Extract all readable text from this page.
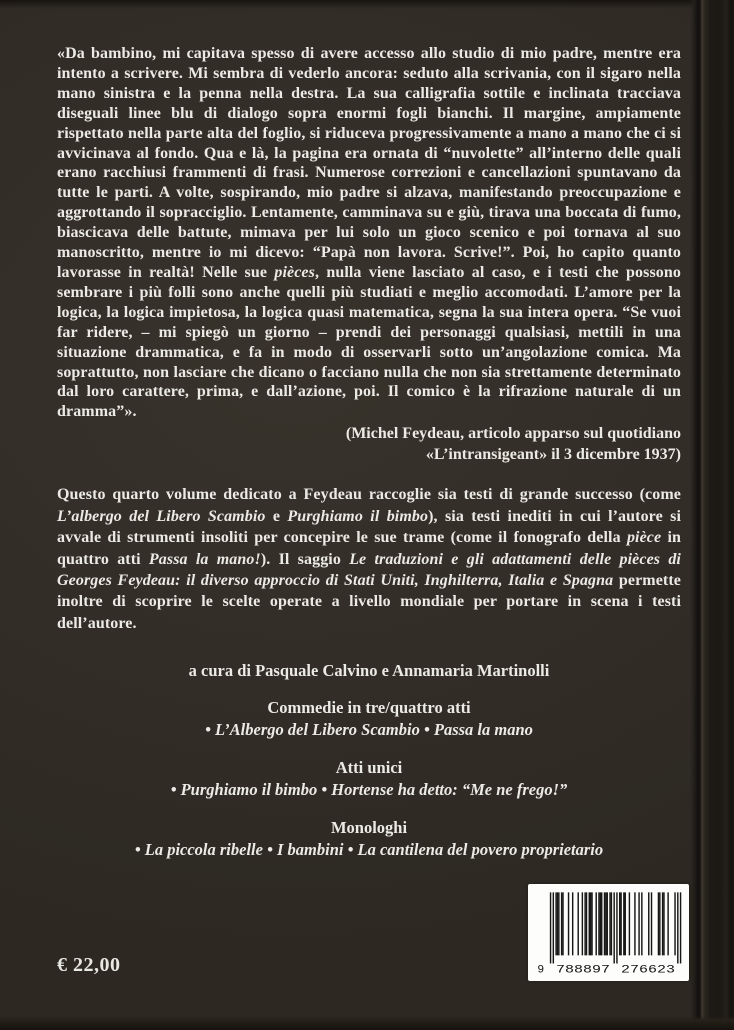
«Da bambino, mi capitava spesso di avere accesso allo studio di mio padre, mentre era intento a scrivere. Mi sembra di vederlo ancora: seduto alla scrivania, con il sigaro nella mano sinistra e la penna nella destra. La sua calligrafia sottile e inclinata tracciava diseguali linee blu di dialogo sopra enormi fogli bianchi. Il margine, ampiamente rispettato nella parte alta del foglio, si riduceva progressivamente a mano a mano che ci si avvicinava al fondo. Qua e là, la pagina era ornata di “nuvolette” all’interno delle quali erano racchiusi frammenti di frasi. Numerose correzioni e cancellazioni spuntavano da tutte le parti. A volte, sospirando, mio padre si alzava, manifestando preoccupazione e aggrottando il sopracciglio. Lentamente, camminava su e giù, tirava una boccata di fumo, biascicava delle battute, mimava per lui solo un gioco scenico e poi tornava al suo manoscritto, mentre io mi dicevo: “Papà non lavora. Scrive!”. Poi, ho capito quanto lavorasse in realtà! Nelle sue pièces, nulla viene lasciato al caso, e i testi che possono sembrare i più folli sono anche quelli più studiati e meglio accomodati. L’amore per la logica, la logica impietosa, la logica quasi matematica, segna la sua intera opera. “Se vuoi far ridere, – mi spiegò un giorno – prendi dei personaggi qualsiasi, mettili in una situazione drammatica, e fa in modo di osservarli sotto un’angolazione comica. Ma soprattutto, non lasciare che dicano o facciano nulla che non sia strettamente determinato dal loro carattere, prima, e dall’azione, poi. Il comico è la rifrazione naturale di un dramma”».

(Michel Feydeau, articolo apparso sul quotidiano

«L’intransigeant» il 3 dicembre 1937)

Questo quarto volume dedicato a Feydeau raccoglie sia testi di grande successo (come L’albergo del Libero Scambio e Purghiamo il bimbo), sia testi inediti in cui l’autore si avvale di strumenti insoliti per concepire le sue trame (come il fonografo della pièce in quattro atti Passa la mano!). Il saggio Le traduzioni e gli adattamenti delle pièces di Georges Feydeau: il diverso approccio di Stati Uniti, Inghilterra, Italia e Spagna permette inoltre di scoprire le scelte operate a livello mondiale per portare in scena i testi dell’autore.

a cura di Pasquale Calvino e Annamaria Martinolli

Commedie in tre/quattro atti

• L’Albergo del Libero Scambio • Passa la mano

Atti unici

• Purghiamo il bimbo • Hortense ha detto: “Me ne frego!”

Monologhi

• La piccola ribelle • I bambini • La cantilena del povero proprietario

€ 22,00	9 788897 276623
